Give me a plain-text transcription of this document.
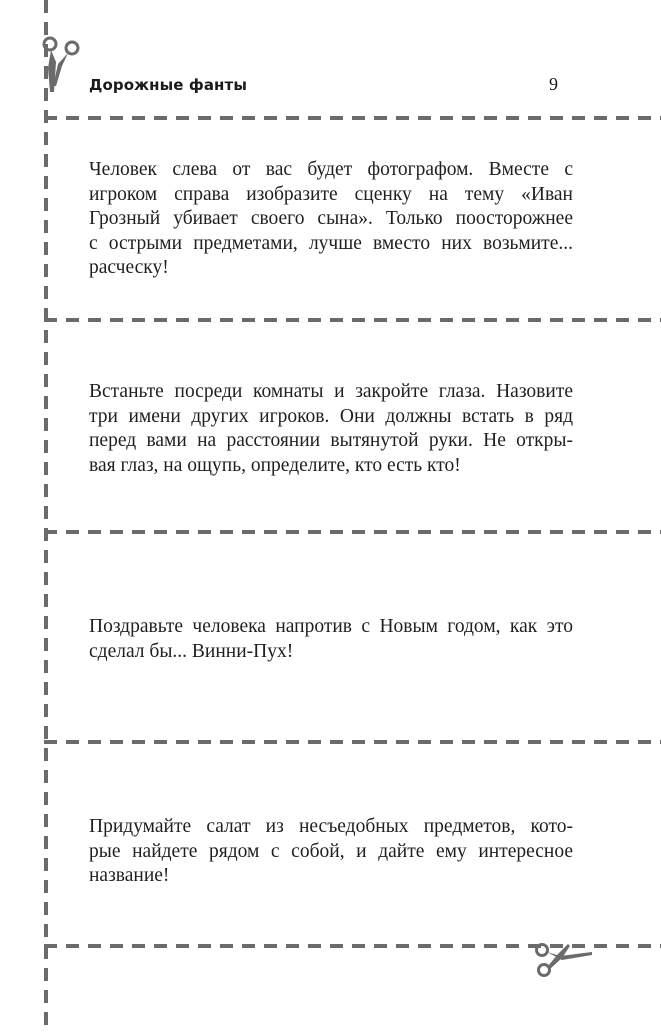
Дорожные фанты	9
Человек слева от вас будет фотографом. Вместе с
игроком справа изобразите сценку на тему «Иван
Грозный убивает своего сына». Только поосторожнее
с острыми предметами, лучше вместо них возьмите...
расческу!
Встаньте посреди комнаты и закройте глаза. Назовите
три имени других игроков. Они должны встать в ряд
перед вами на расстоянии вытянутой руки. Не откры-
вая глаз, на ощупь, определите, кто есть кто!
Поздравьте человека напротив с Новым годом, как это
сделал бы... Винни-Пух!
Придумайте салат из несъедобных предметов, кото-
рые найдете рядом с собой, и дайте ему интересное
название!
